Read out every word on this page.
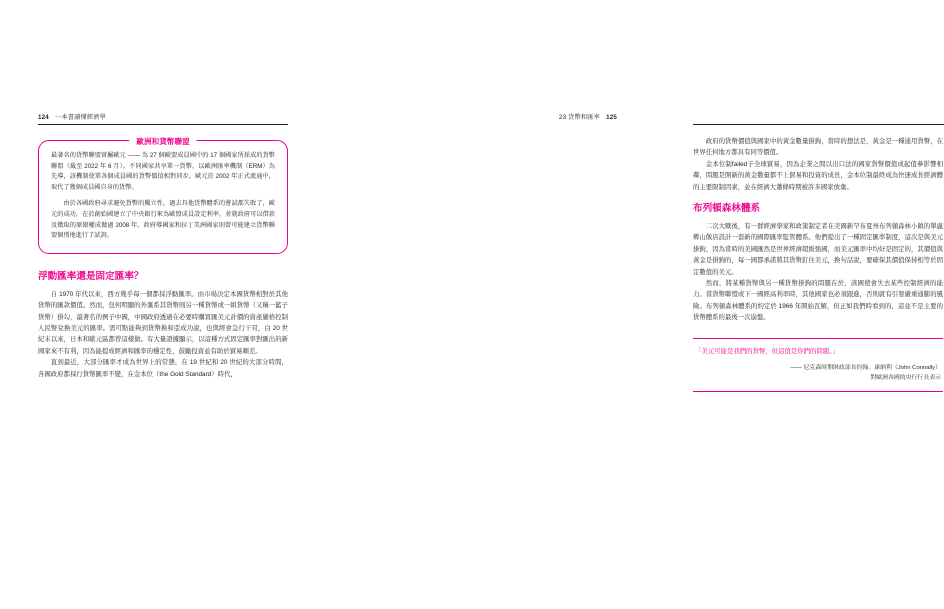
124 一本書讀懂經濟學
歐洲和貨幣聯盟

最著名的貨幣聯盟實屬歐元 —— 為 27 個歐盟成員國中的 17 個國家所採成的貨幣聯盟（截至 2022 年 6 月）。不同國家共享單一貨幣，以歐洲匯率機制（ERM）為先導，該機制使單各個成員國的貨幣價值相對同步，歐元於 2002 年正式流通中，取代了幾個成員國自身的貨幣。

由於各國政府尋求避免貨幣的獨立性，過去具他貨幣體系的嘗試都失敗了，歐元的成功，在於創始國建立了中央銀行來為歐盟成員設定利率，並就政府可以借款及徵取的原限權成做過 2008 年，政府導國家和拉丁美洲國家則曾可能建立貨幣聯盟個別地進行了試詢。

浮動匯率還是固定匯率？

自 1970 年代以來，西方幾乎每一個都採浮動匯率。由市場決定本國貨幣相對於其他貨幣的匯款價值。然而，包何明顯的外滙系其貨幣則另一種貨幣或一組貨幣（又稱一籃子貨幣）掛勾，最著名的例子中國，中國政府透過在必要時購買匯美元計價的資產嚴格控制人民幣兌換美元的匯率。需可點能夠到貨幣換和亞成功說，也與經會急行干頁，白 20 世紀末以來，日本和歐元區都曾這樣做。有大量證據顯示，以這種方式固定匯率對匯出的新國家來不有利，因為能提成經濟和匯率的穩定性，鼓勵投資並有助於貿易順差。

直到最近，大部分匯率才成為世界上的常態，在 19 世紀和 20 世紀的大部分時間，各國政府都採行貨幣匯率不變，在金本位（the Gold Standard）時代，

23 貨幣和匯率 125

政府的貨幣價值與國家中的黃金數量掛鉤，當時的想法是，黃金是一種通用貨幣，在世界任何地方都具有同等價值。

金本位制failed子全球貿易，因為企業之間以出口法的國家貨幣價值成起值參影響相鄰，問題是開新的黃金數量都不上貿易和投資的成長，金本位制最終成為快速成長經濟體的主要限制因素，並在經濟大蕭條時期被許多國家放棄。

布列頓森林體系

二次大戰後，有一群經濟學家和政策制定者在美國新罕布夏州布列頓森林小鎮的單盧鄉山飯店設計一套新的國際匯率監管體系。他們提出了一種固定匯率制度，這次是與美元掛鉤，因為當時的美國匯然是世界經濟超級強國，而美元匯率中均好是固定的，其價值與黃金是掛鉤的，每一國都承諾將其貨幣釘住美元，換句話說，要確保其價值保持相等於固定數值的美元。

然而，將某種貨幣與另一種貨幣掛鉤的問題在於，該國使會失去某些控制經濟的能力。當貨幣聯盟或下一國經高利率時，其他國家也必須跟進，否則就有引發嚴重通膨的風險。布列頓森林體系的約定於 1966 年開始瓦解，但正如我們時看到的，這並不是主要的貨幣體系的最後一次崩盤。

「美元可能是我們的貨幣，但這值是你們的問題。」

—— 尼克森時期財政部長約翰．康納利（John Connally）
對歐洲各國的央行行長表示
